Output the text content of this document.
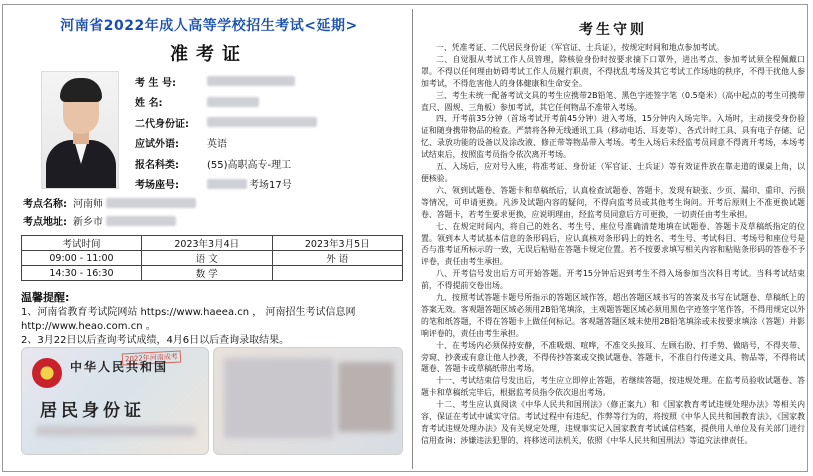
河南省2022年成人高等学校招生考试<延期>
准考证
考 生 号:
姓 名:
二代身份证:
应试外语:	英语
报名科类:	(55)高职高专-理工
考场座号:	考场17号
考点名称: 河南师
考点地址: 新乡市
考试时间	2023年3月4日	2023年3月5日
09:00 - 11:00	语 文	外 语
14:30 - 16:30	数 学	
温馨提醒:
1、河南省教育考试院网站 https://www.haeea.cn ， 河南招生考试信息网 http://www.heao.com.cn 。
2、3月22日以后查询考试成绩，4月6日以后查询录取结果。
2022年河南成考
中华人民共和国
居民身份证
考生守则

一、凭准考证、二代居民身份证（军官证、士兵证），按规定时间和地点参加考试。

二、自觉服从考试工作人员管理，除核验身份时按要求摘下口罩外，进出考点、参加考试须全程佩戴口罩。不得以任何理由妨碍考试工作人员履行职责，不得扰乱考场及其它考试工作场地的秩序，不得干扰他人参加考试，不得危害他人的身体健康和生命安全。

三、考生未统一配备考试文具的考生应携带2B铅笔、黑色字迹签字笔（0.5毫米）（高中起点的考生可携带直尺、圆规、三角板）参加考试，其它任何物品不准带入考场。

四、开考前35分钟（首场考试开考前45分钟）进入考场，15分钟内入场完毕。入场时，主动接受身份验证和随身携带物品的检查。严禁将各种无线通讯工具（移动电话、耳麦等）、各式计时工具、具有电子存储、记忆、录放功能的设备以及涂改液、修正带等物品带入考场。考生入场后未经监考员同意不得离开考场，本场考试结束后，按照监考员指令依次离开考场。

五、入场后，应对号入座，将准考证、身份证（军官证、士兵证）等有效证件放在靠走道的课桌上角，以便核验。

六、领到试题卷、答题卡和草稿纸后，认真检查试题卷、答题卡，发现有缺张、少页、漏印、重印、污损等情况，可申请更换。凡涉及试题内容的疑问，不得向监考员或其他考生询问。开考后原则上不准更换试题卷、答题卡，若考生要求更换，应说明理由，经监考员同意后方可更换，一切责任由考生承担。

七、在规定时间内，将自己的姓名、考生号、座位号准确清楚地填在试题卷、答题卡及草稿纸指定的位置。领到本人考试基本信息的条形码后，应认真核对条形码上的姓名、考生号、考试科目、考场号和座位号是否与准考证所标示的一致，无误后粘贴在答题卡规定位置。若不按要求填写相关内容和粘贴条形码的答卷不予评卷，责任由考生承担。

八、开考信号发出后方可开始答题。开考15分钟后迟到考生不得入场参加当次科目考试。当科考试结束前，不得提前交卷出场。

九、按照考试答题卡题号所指示的答题区域作答，超出答题区域书写的答案及书写在试题卷、草稿纸上的答案无效。客观题答题区域必须用2B铅笔填涂，主观题答题区域必须用黑色字迹签字笔作答，不得用规定以外的笔和纸答题，不得在答题卡上做任何标记。客观题答题区域未使用2B铅笔填涂或未按要求填涂（答题）并影响评卷的，责任由考生承担。

十、在考场内必须保持安静，不准吸烟、喧哗，不准交头接耳、左顾右盼、打手势、做暗号，不得夹带、旁窥、抄袭或有意让他人抄袭，不得传抄答案或交换试题卷、答题卡，不准自行传递文具、物品等，不得将试题卷、答题卡或草稿纸带出考场。

十一、考试结束信号发出后，考生应立即停止答题，若继续答题，按违规处理。在监考员验收试题卷、答题卡和草稿纸完毕后，根据监考员指令依次退出考场。

十二、考生应认真阅读《中华人民共和国刑法》（修正案九）和《国家教育考试违规处理办法》等相关内容，保证在考试中诚实守信。考试过程中有违纪、作弊等行为的，将按照《中华人民共和国教育法》、《国家教育考试违规处理办法》及有关规定处理，违规事实记入国家教育考试诚信档案，提供用人单位及有关部门进行信用查询；涉嫌违法犯罪的，将移送司法机关，依照《中华人民共和国刑法》等追究法律责任。
